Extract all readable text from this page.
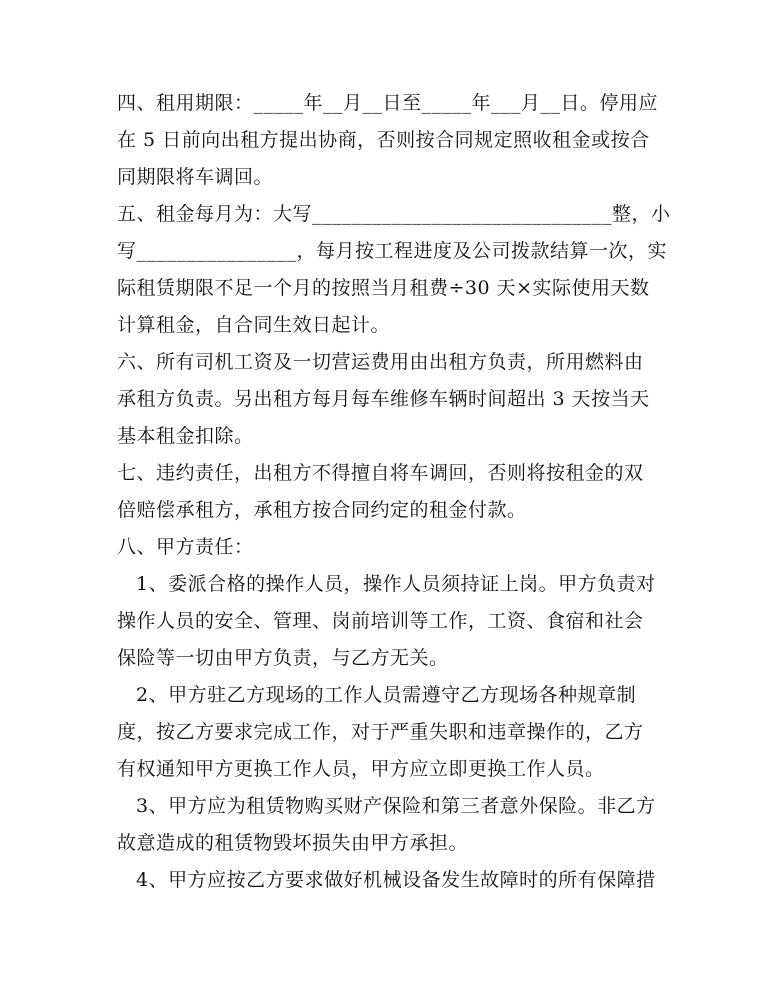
四、租用期限：_____年__月__日至_____年___月__日。停用应
在 5 日前向出租方提出协商，否则按合同规定照收租金或按合
同期限将车调回。
五、租金每月为：大写______________________________整，小
写________________，每月按工程进度及公司拨款结算一次，实
际租赁期限不足一个月的按照当月租费÷30 天×实际使用天数
计算租金，自合同生效日起计。
六、所有司机工资及一切营运费用由出租方负责，所用燃料由
承租方负责。另出租方每月每车维修车辆时间超出 3 天按当天
基本租金扣除。
七、违约责任，出租方不得擅自将车调回，否则将按租金的双
倍赔偿承租方，承租方按合同约定的租金付款。
八、甲方责任：
1、委派合格的操作人员，操作人员须持证上岗。甲方负责对
操作人员的安全、管理、岗前培训等工作，工资、食宿和社会
保险等一切由甲方负责，与乙方无关。
2、甲方驻乙方现场的工作人员需遵守乙方现场各种规章制
度，按乙方要求完成工作，对于严重失职和违章操作的，乙方
有权通知甲方更换工作人员，甲方应立即更换工作人员。
3、甲方应为租赁物购买财产保险和第三者意外保险。非乙方
故意造成的租赁物毁坏损失由甲方承担。
4、甲方应按乙方要求做好机械设备发生故障时的所有保障措
